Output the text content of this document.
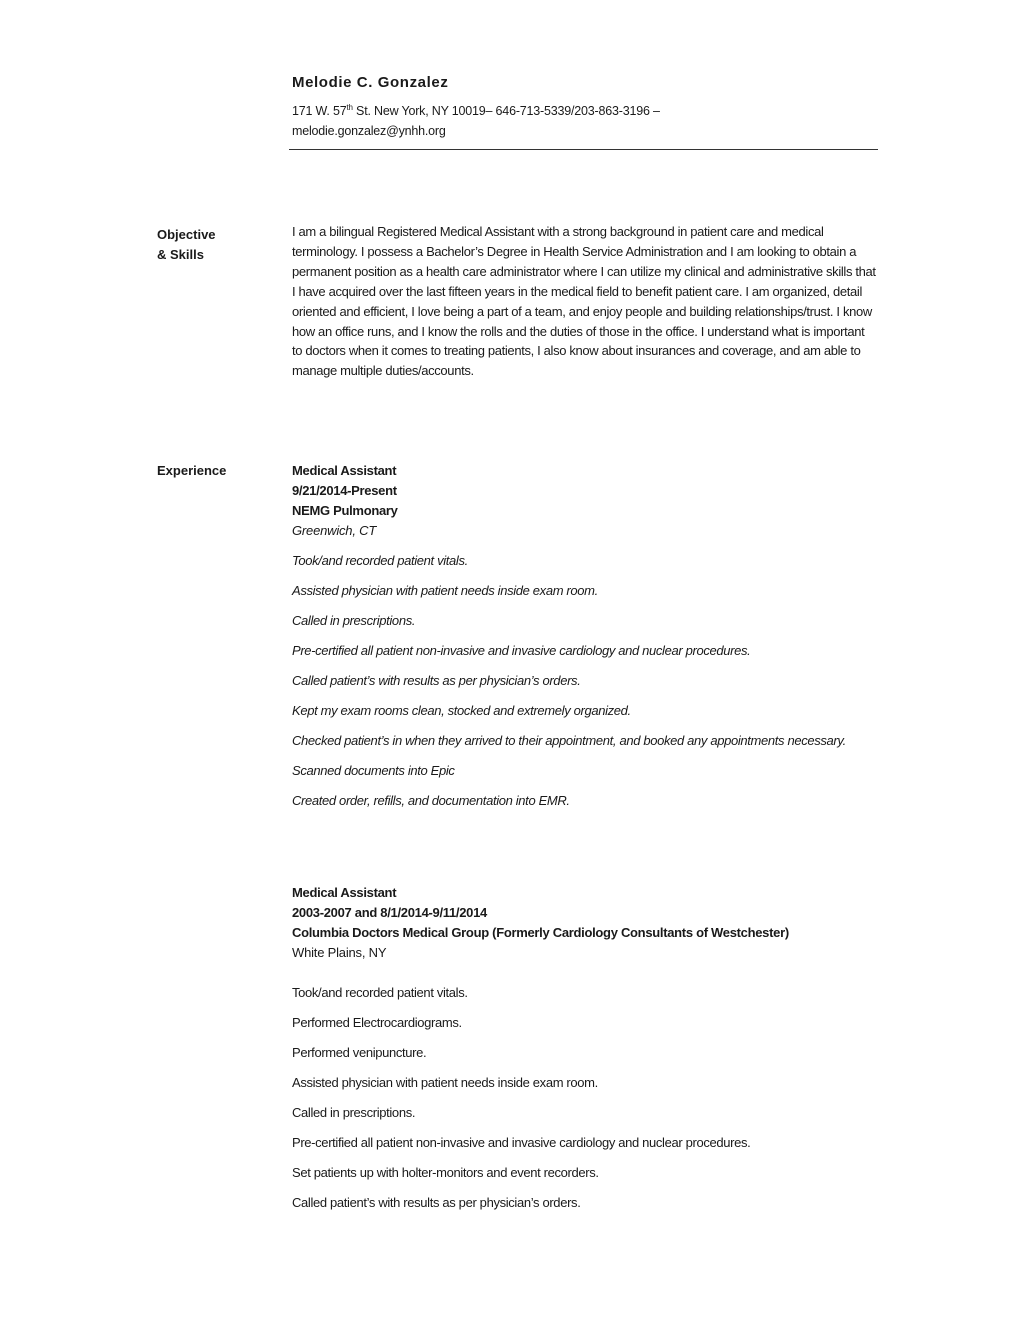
Melodie C. Gonzalez
171 W. 57th St. New York, NY 10019– 646-713-5339/203-863-3196 –
melodie.gonzalez@ynhh.org
Objective
& Skills
I am a bilingual Registered Medical Assistant with a strong background in patient care and medical terminology. I possess a Bachelor’s Degree in Health Service Administration and I am looking to obtain a permanent position as a health care administrator where I can utilize my clinical and administrative skills that I have acquired over the last fifteen years in the medical field to benefit patient care. I am organized, detail oriented and efficient, I love being a part of a team, and enjoy people and building relationships/trust. I know how an office runs, and I know the rolls and the duties of those in the office. I understand what is important to doctors when it comes to treating patients, I also know about insurances and coverage, and am able to manage multiple duties/accounts.
Experience	Medical Assistant
9/21/2014-Present
NEMG Pulmonary
Greenwich, CT
Took/and recorded patient vitals.
Assisted physician with patient needs inside exam room.
Called in prescriptions.
Pre-certified all patient non-invasive and invasive cardiology and nuclear procedures.
Called patient’s with results as per physician’s orders.
Kept my exam rooms clean, stocked and extremely organized.
Checked patient’s in when they arrived to their appointment, and booked any appointments necessary.
Scanned documents into Epic
Created order, refills, and documentation into EMR.
Medical Assistant
2003-2007 and 8/1/2014-9/11/2014
Columbia Doctors Medical Group (Formerly Cardiology Consultants of Westchester)
White Plains, NY
Took/and recorded patient vitals.
Performed Electrocardiograms.
Performed venipuncture.
Assisted physician with patient needs inside exam room.
Called in prescriptions.
Pre-certified all patient non-invasive and invasive cardiology and nuclear procedures.
Set patients up with holter-monitors and event recorders.
Called patient’s with results as per physician’s orders.
